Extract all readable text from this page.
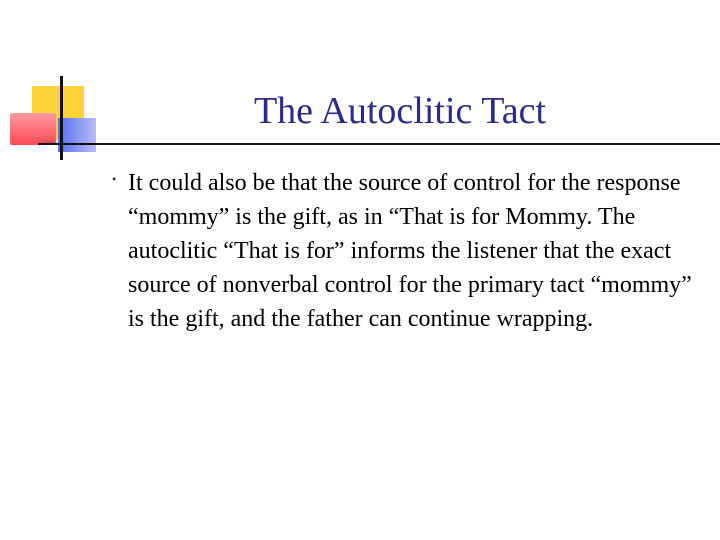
The Autoclitic Tact
• It could also be that the source of control for the response “mommy” is the gift, as in “That is for Mommy. The autoclitic “That is for” informs the listener that the exact source of nonverbal control for the primary tact “mommy” is the gift, and the father can continue wrapping.
